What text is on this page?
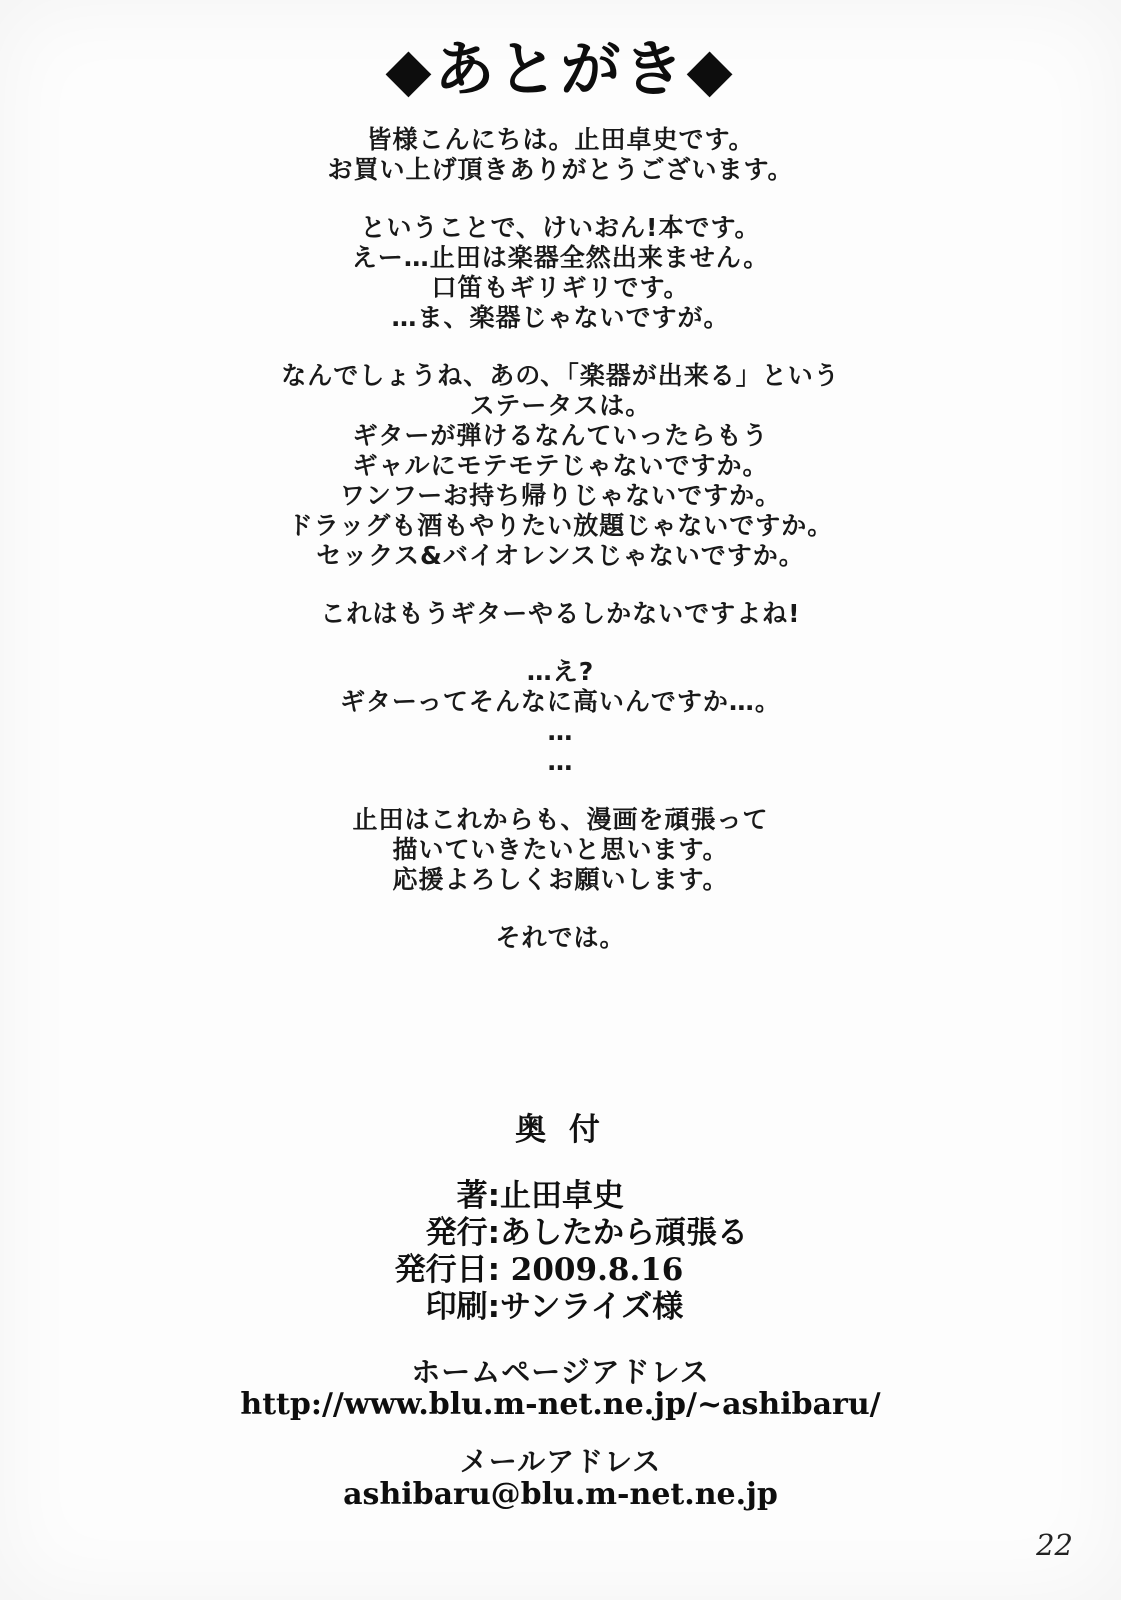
◆あとがき◆
皆様こんにちは。止田卓史です。
お買い上げ頂きありがとうございます。
ということで、けいおん!本です。
えー…止田は楽器全然出来ません。
口笛もギリギリです。
…ま、楽器じゃないですが。
なんでしょうね、あの、「楽器が出来る」という
ステータスは。
ギターが弾けるなんていったらもう
ギャルにモテモテじゃないですか。
ワンフーお持ち帰りじゃないですか。
ドラッグも酒もやりたい放題じゃないですか。
セックス&バイオレンスじゃないですか。
これはもうギターやるしかないですよね!
…え?
ギターってそんなに高いんですか…。
…
…
止田はこれからも、漫画を頑張って
描いていきたいと思います。
応援よろしくお願いします。
それでは。
奥 付
著: 止田卓史
発行: あしたから頑張る
発行日: 2009.8.16
印刷: サンライズ様
ホームページアドレス
http://www.blu.m-net.ne.jp/~ashibaru/
メールアドレス
ashibaru@blu.m-net.ne.jp
22
